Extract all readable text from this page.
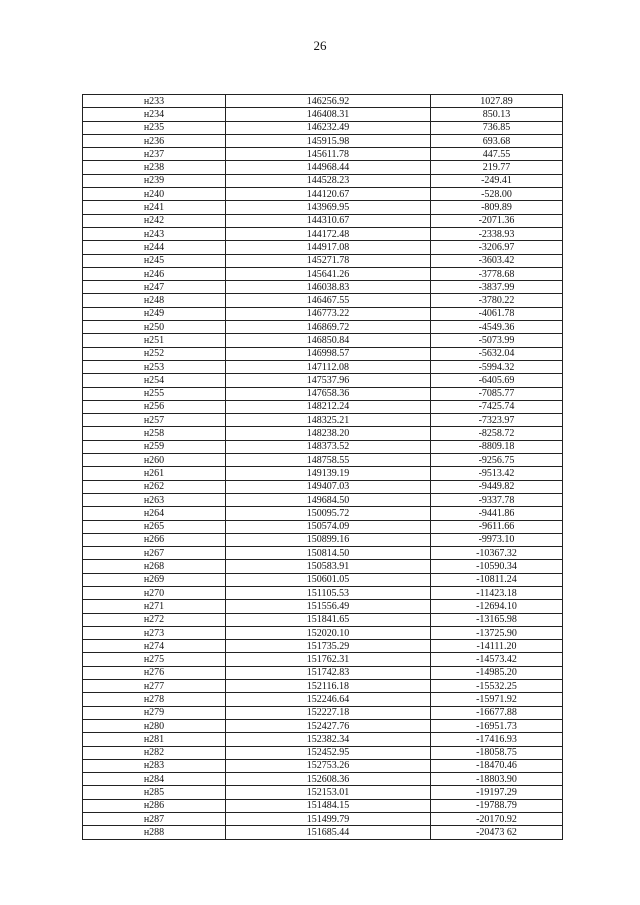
26
н233	146256.92	1027.89
н234	146408.31	850.13
н235	146232.49	736.85
н236	145915.98	693.68
н237	145611.78	447.55
н238	144968.44	219.77
н239	144528.23	-249.41
н240	144120.67	-528.00
н241	143969.95	-809.89
н242	144310.67	-2071.36
н243	144172.48	-2338.93
н244	144917.08	-3206.97
н245	145271.78	-3603.42
н246	145641.26	-3778.68
н247	146038.83	-3837.99
н248	146467.55	-3780.22
н249	146773.22	-4061.78
н250	146869.72	-4549.36
н251	146850.84	-5073.99
н252	146998.57	-5632.04
н253	147112.08	-5994.32
н254	147537.96	-6405.69
н255	147658.36	-7085.77
н256	148212.24	-7425.74
н257	148325.21	-7323.97
н258	148238.20	-8258.72
н259	148373.52	-8809.18
н260	148758.55	-9256.75
н261	149139.19	-9513.42
н262	149407.03	-9449.82
н263	149684.50	-9337.78
н264	150095.72	-9441.86
н265	150574.09	-9611.66
н266	150899.16	-9973.10
н267	150814.50	-10367.32
н268	150583.91	-10590.34
н269	150601.05	-10811.24
н270	151105.53	-11423.18
н271	151556.49	-12694.10
н272	151841.65	-13165.98
н273	152020.10	-13725.90
н274	151735.29	-14111.20
н275	151762.31	-14573.42
н276	151742.83	-14985.20
н277	152116.18	-15532.25
н278	152246.64	-15971.92
н279	152227.18	-16677.88
н280	152427.76	-16951.73
н281	152382.34	-17416.93
н282	152452.95	-18058.75
н283	152753.26	-18470.46
н284	152608.36	-18803.90
н285	152153.01	-19197.29
н286	151484.15	-19788.79
н287	151499.79	-20170.92
н288	151685.44	-20473 62
